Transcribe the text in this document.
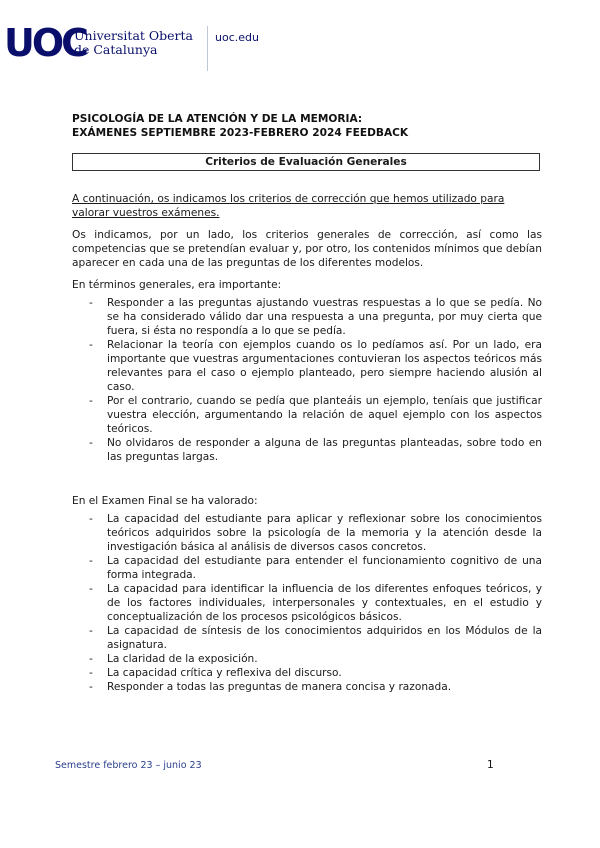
UOC
Universitat Oberta
de Catalunya
uoc.edu
PSICOLOGÍA DE LA ATENCIÓN Y DE LA MEMORIA:
EXÁMENES SEPTIEMBRE 2023-FEBRERO 2024 FEEDBACK
Criterios de Evaluación Generales

A continuación, os indicamos los criterios de corrección que hemos utilizado para valorar vuestros exámenes.

Os indicamos, por un lado, los criterios generales de corrección, así como las competencias que se pretendían evaluar y, por otro, los contenidos mínimos que debían aparecer en cada una de las preguntas de los diferentes modelos.

En términos generales, era importante:

- Responder a las preguntas ajustando vuestras respuestas a lo que se pedía. No se ha considerado válido dar una respuesta a una pregunta, por muy cierta que fuera, si ésta no respondía a lo que se pedía.
- Relacionar la teoría con ejemplos cuando os lo pedíamos así. Por un lado, era importante que vuestras argumentaciones contuvieran los aspectos teóricos más relevantes para el caso o ejemplo planteado, pero siempre haciendo alusión al caso.
- Por el contrario, cuando se pedía que planteáis un ejemplo, teníais que justificar vuestra elección, argumentando la relación de aquel ejemplo con los aspectos teóricos.
- No olvidaros de responder a alguna de las preguntas planteadas, sobre todo en las preguntas largas.

En el Examen Final se ha valorado:

- La capacidad del estudiante para aplicar y reflexionar sobre los conocimientos teóricos adquiridos sobre la psicología de la memoria y la atención desde la investigación básica al análisis de diversos casos concretos.
- La capacidad del estudiante para entender el funcionamiento cognitivo de una forma integrada.
- La capacidad para identificar la influencia de los diferentes enfoques teóricos, y de los factores individuales, interpersonales y contextuales, en el estudio y conceptualización de los procesos psicológicos básicos.
- La capacidad de síntesis de los conocimientos adquiridos en los Módulos de la asignatura.
- La claridad de la exposición.
- La capacidad crítica y reflexiva del discurso.
- Responder a todas las preguntas de manera concisa y razonada.
Semestre febrero 23 – junio 23	1
